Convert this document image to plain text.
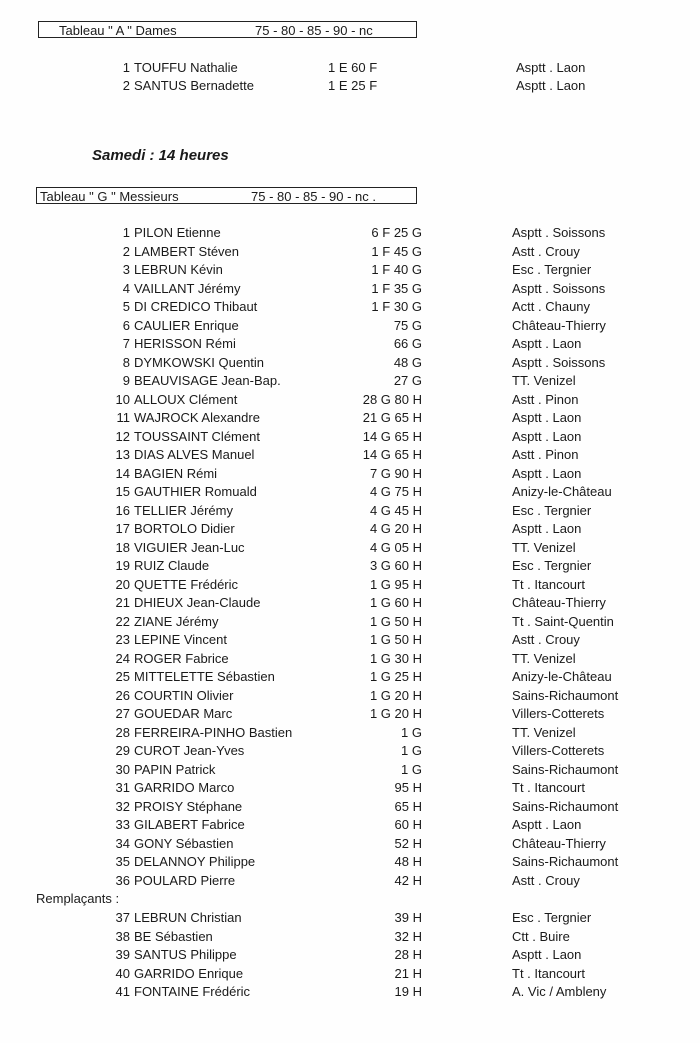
Tableau " A " Dames	75 - 80 - 85 - 90 - nc
1 TOUFFU Nathalie	1 E 60 F	Asptt . Laon
2 SANTUS Bernadette	1 E 25 F	Asptt . Laon
Samedi : 14 heures
Tableau " G " Messieurs	75 - 80 - 85 - 90 - nc .
1 PILON Etienne	6 F 25 G	Asptt . Soissons
2 LAMBERT Stéven	1 F 45 G	Astt . Crouy
3 LEBRUN Kévin	1 F 40 G	Esc . Tergnier
4 VAILLANT Jérémy	1 F 35 G	Asptt . Soissons
5 DI CREDICO Thibaut	1 F 30 G	Actt . Chauny
6 CAULIER Enrique	75 G	Château-Thierry
7 HERISSON Rémi	66 G	Asptt . Laon
8 DYMKOWSKI Quentin	48 G	Asptt . Soissons
9 BEAUVISAGE Jean-Bap.	27 G	TT. Venizel
10 ALLOUX Clément	28 G 80 H	Astt . Pinon
11 WAJROCK Alexandre	21 G 65 H	Asptt . Laon
12 TOUSSAINT Clément	14 G 65 H	Asptt . Laon
13 DIAS ALVES Manuel	14 G 65 H	Astt . Pinon
14 BAGIEN Rémi	7 G 90 H	Asptt . Laon
15 GAUTHIER Romuald	4 G 75 H	Anizy-le-Château
16 TELLIER Jérémy	4 G 45 H	Esc . Tergnier
17 BORTOLO Didier	4 G 20 H	Asptt . Laon
18 VIGUIER Jean-Luc	4 G 05 H	TT. Venizel
19 RUIZ Claude	3 G 60 H	Esc . Tergnier
20 QUETTE Frédéric	1 G 95 H	Tt . Itancourt
21 DHIEUX Jean-Claude	1 G 60 H	Château-Thierry
22 ZIANE Jérémy	1 G 50 H	Tt . Saint-Quentin
23 LEPINE Vincent	1 G 50 H	Astt . Crouy
24 ROGER Fabrice	1 G 30 H	TT. Venizel
25 MITTELETTE Sébastien	1 G 25 H	Anizy-le-Château
26 COURTIN Olivier	1 G 20 H	Sains-Richaumont
27 GOUEDAR Marc	1 G 20 H	Villers-Cotterets
28 FERREIRA-PINHO Bastien	1 G	TT. Venizel
29 CUROT Jean-Yves	1 G	Villers-Cotterets
30 PAPIN Patrick	1 G	Sains-Richaumont
31 GARRIDO Marco	95 H	Tt . Itancourt
32 PROISY Stéphane	65 H	Sains-Richaumont
33 GILABERT Fabrice	60 H	Asptt . Laon
34 GONY Sébastien	52 H	Château-Thierry
35 DELANNOY Philippe	48 H	Sains-Richaumont
36 POULARD Pierre	42 H	Astt . Crouy
Remplaçants :
37 LEBRUN Christian	39 H	Esc . Tergnier
38 BE Sébastien	32 H	Ctt . Buire
39 SANTUS Philippe	28 H	Asptt . Laon
40 GARRIDO Enrique	21 H	Tt . Itancourt
41 FONTAINE Frédéric	19 H	A. Vic / Ambleny
